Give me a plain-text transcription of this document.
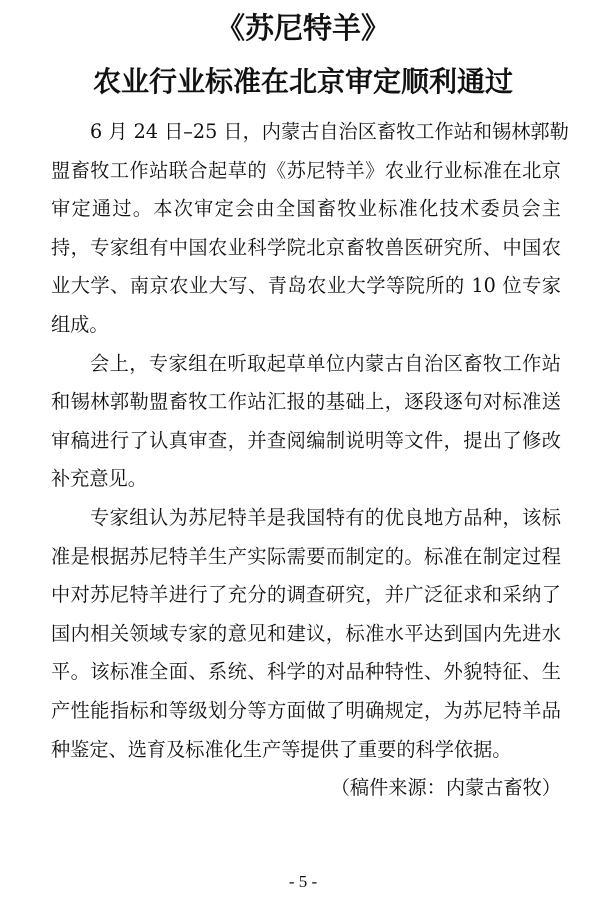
《苏尼特羊》
农业行业标准在北京审定顺利通过
6 月 24 日–25 日，内蒙古自治区畜牧工作站和锡林郭勒
盟畜牧工作站联合起草的《苏尼特羊》农业行业标准在北京
审定通过。本次审定会由全国畜牧业标准化技术委员会主
持，专家组有中国农业科学院北京畜牧兽医研究所、中国农
业大学、南京农业大写、青岛农业大学等院所的 10 位专家
组成。
会上，专家组在听取起草单位内蒙古自治区畜牧工作站
和锡林郭勒盟畜牧工作站汇报的基础上，逐段逐句对标准送
审稿进行了认真审查，并查阅编制说明等文件，提出了修改
补充意见。
专家组认为苏尼特羊是我国特有的优良地方品种，该标
准是根据苏尼特羊生产实际需要而制定的。标准在制定过程
中对苏尼特羊进行了充分的调查研究，并广泛征求和采纳了
国内相关领域专家的意见和建议，标准水平达到国内先进水
平。该标准全面、系统、科学的对品种特性、外貌特征、生
产性能指标和等级划分等方面做了明确规定，为苏尼特羊品
种鉴定、选育及标准化生产等提供了重要的科学依据。
（稿件来源：内蒙古畜牧）
- 5 -
